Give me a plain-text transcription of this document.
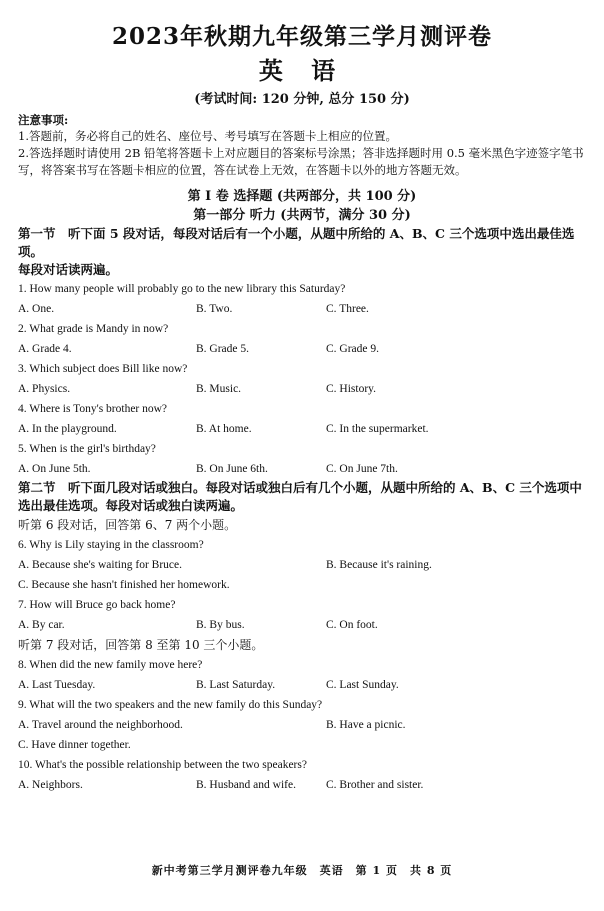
2023年秋期九年级第三学月测评卷
英 语

(考试时间: 120 分钟, 总分 150 分)

注意事项:

1.答题前，务必将自己的姓名、座位号、考号填写在答题卡上相应的位置。

2.答选择题时请使用 2B 铅笔将答题卡上对应题目的答案标号涂黑；答非选择题时用 0.5 毫米黑色字迹签字笔书写，将答案书写在答题卡相应的位置，答在试卷上无效，在答题卡以外的地方答题无效。

第 I 卷 选择题 (共两部分，共 100 分)

第一部分 听力 (共两节，满分 30 分)

第一节　听下面 5 段对话，每段对话后有一个小题，从题中所给的 A、B、C 三个选项中选出最佳选项。

每段对话读两遍。

1. How many people will probably go to the new library this Saturday?

A. One.	B. Two.	C. Three.

2. What grade is Mandy in now?

A. Grade 4.	B. Grade 5.	C. Grade 9.

3. Which subject does Bill like now?

A. Physics.	B. Music.	C. History.

4. Where is Tony's brother now?

A. In the playground.	B. At home.	C. In the supermarket.

5. When is the girl's birthday?

A. On June 5th.	B. On June 6th.	C. On June 7th.

第二节　听下面几段对话或独白。每段对话或独白后有几个小题，从题中所给的 A、B、C 三个选项中选出最佳选项。每段对话或独白读两遍。

听第 6 段对话，回答第 6、7 两个小题。

6. Why is Lily staying in the classroom?

A. Because she's waiting for Bruce.	B. Because it's raining.

C. Because she hasn't finished her homework.

7. How will Bruce go back home?

A. By car.	B. By bus.	C. On foot.

听第 7 段对话，回答第 8 至第 10 三个小题。

8. When did the new family move here?

A. Last Tuesday.	B. Last Saturday.	C. Last Sunday.

9. What will the two speakers and the new family do this Sunday?

A. Travel around the neighborhood.	B. Have a picnic.

C. Have dinner together.

10. What's the possible relationship between the two speakers?

A. Neighbors.	B. Husband and wife.	C. Brother and sister.
新中考第三学月测评卷九年级　英语　第 1 页　共 8 页
